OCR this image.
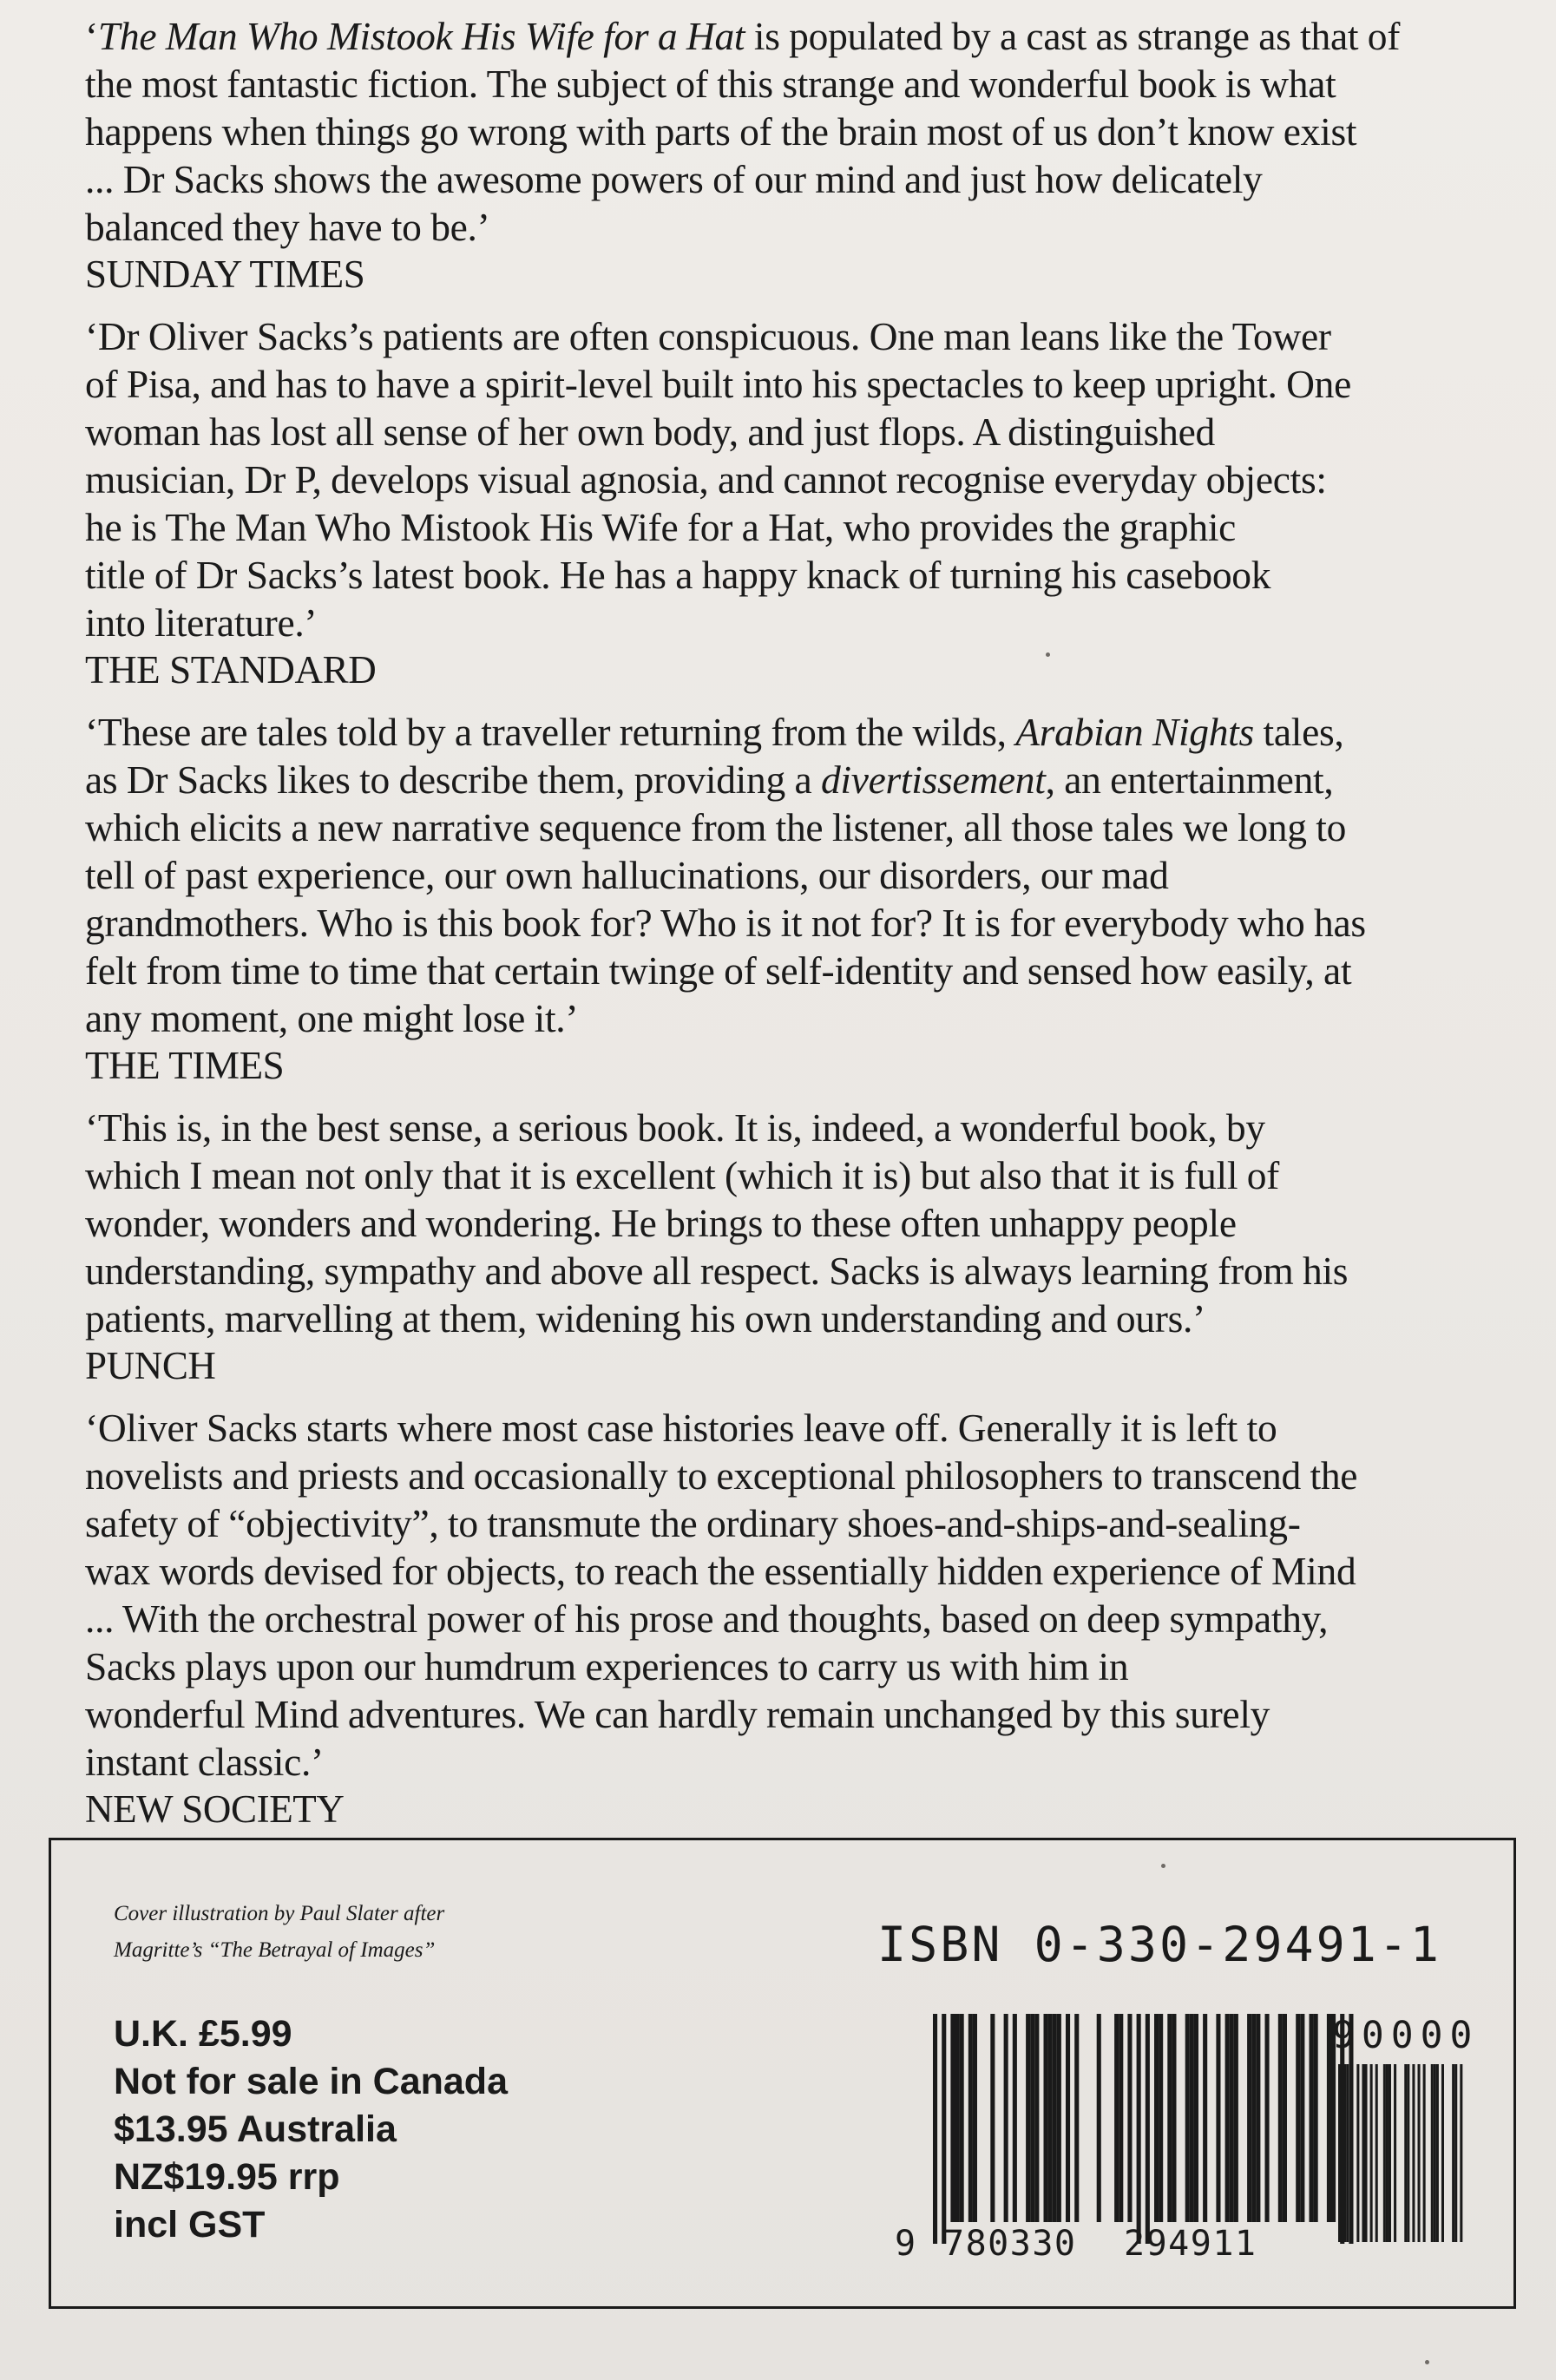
‘The Man Who Mistook His Wife for a Hat is populated by a cast as strange as that of
the most fantastic fiction. The subject of this strange and wonderful book is what
happens when things go wrong with parts of the brain most of us don’t know exist
... Dr Sacks shows the awesome powers of our mind and just how delicately
balanced they have to be.’
SUNDAY TIMES
‘Dr Oliver Sacks’s patients are often conspicuous. One man leans like the Tower
of Pisa, and has to have a spirit-level built into his spectacles to keep upright. One
woman has lost all sense of her own body, and just flops. A distinguished
musician, Dr P, develops visual agnosia, and cannot recognise everyday objects:
he is The Man Who Mistook His Wife for a Hat, who provides the graphic
title of Dr Sacks’s latest book. He has a happy knack of turning his casebook
into literature.’
THE STANDARD
‘These are tales told by a traveller returning from the wilds, Arabian Nights tales,
as Dr Sacks likes to describe them, providing a divertissement, an entertainment,
which elicits a new narrative sequence from the listener, all those tales we long to
tell of past experience, our own hallucinations, our disorders, our mad
grandmothers. Who is this book for? Who is it not for? It is for everybody who has
felt from time to time that certain twinge of self-identity and sensed how easily, at
any moment, one might lose it.’
THE TIMES
‘This is, in the best sense, a serious book. It is, indeed, a wonderful book, by
which I mean not only that it is excellent (which it is) but also that it is full of
wonder, wonders and wondering. He brings to these often unhappy people
understanding, sympathy and above all respect. Sacks is always learning from his
patients, marvelling at them, widening his own understanding and ours.’
PUNCH
‘Oliver Sacks starts where most case histories leave off. Generally it is left to
novelists and priests and occasionally to exceptional philosophers to transcend the
safety of “objectivity”, to transmute the ordinary shoes-and-ships-and-sealing-
wax words devised for objects, to reach the essentially hidden experience of Mind
... With the orchestral power of his prose and thoughts, based on deep sympathy,
Sacks plays upon our humdrum experiences to carry us with him in
wonderful Mind adventures. We can hardly remain unchanged by this surely
instant classic.’
NEW SOCIETY
Cover illustration by Paul Slater after
Magritte’s “The Betrayal of Images”
U.K. £5.99
Not for sale in Canada
$13.95 Australia
NZ$19.95 rrp
incl GST
ISBN 0-330-29491-1
90000
9 780330 294911
